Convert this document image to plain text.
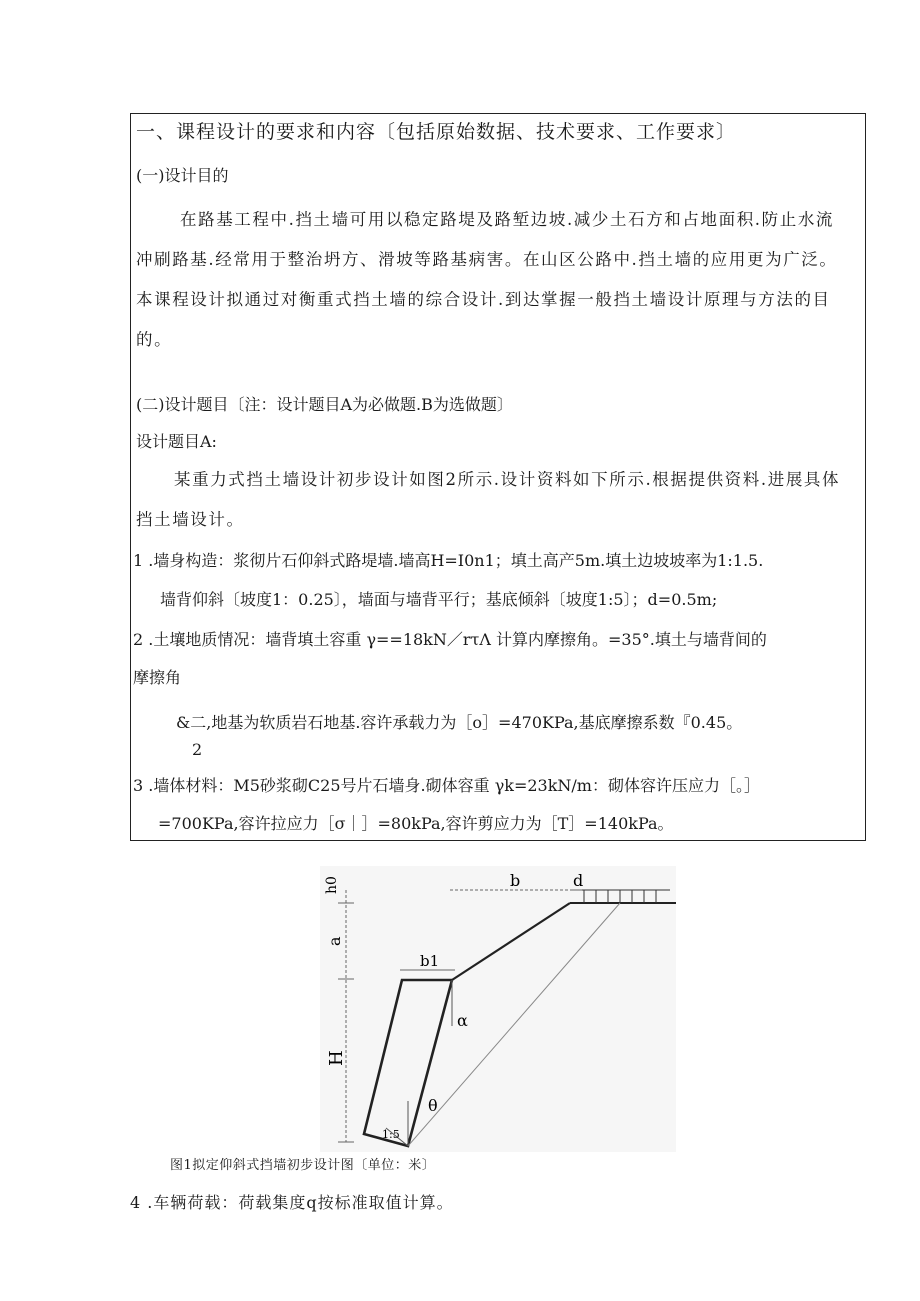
一、课程设计的要求和内容〔包括原始数据、技术要求、工作要求〕
(一)设计目的
在路基工程中.挡土墙可用以稳定路堤及路堑边坡.减少土石方和占地面积.防止水流
冲刷路基.经常用于整治坍方、滑坡等路基病害。在山区公路中.挡土墙的应用更为广泛。
本课程设计拟通过对衡重式挡土墙的综合设计.到达掌握一般挡土墙设计原理与方法的目
的。
(二)设计题目〔注：设计题目A为必做题.B为选做题〕
设计题目A:
某重力式挡土墙设计初步设计如图2所示.设计资料如下所示.根据提供资料.进展具体
挡土墙设计。
1 .墙身构造：浆彻片石仰斜式路堤墙.墙高H=I0n1；填土高产5m.填土边坡坡率为1:1.5.
墙背仰斜〔坡度1：0.25〕，墙面与墙背平行；基底倾斜〔坡度1:5〕；d=0.5m;
2 .土壤地质情况：墙背填土容重 γ==18kN／rτΛ 计算内摩擦角。=35°.填土与墙背间的
摩擦角
&二,地基为软质岩石地基.容许承载力为［o］=470KPa,基底摩擦系数『0.45。
2
3 .墙体材料：M5砂浆砌C25号片石墙身.砌体容重 γk=23kN/m：砌体容许压应力［。］
=700KPa,容许拉应力［σ｜］=80kPa,容许剪应力为［T］=140kPa。
h0	b	d
a
b1
α
H
θ
1:5
图1拟定仰斜式挡墙初步设计图〔单位：米〕
4 .车辆荷载：荷载集度q按标准取值计算。
